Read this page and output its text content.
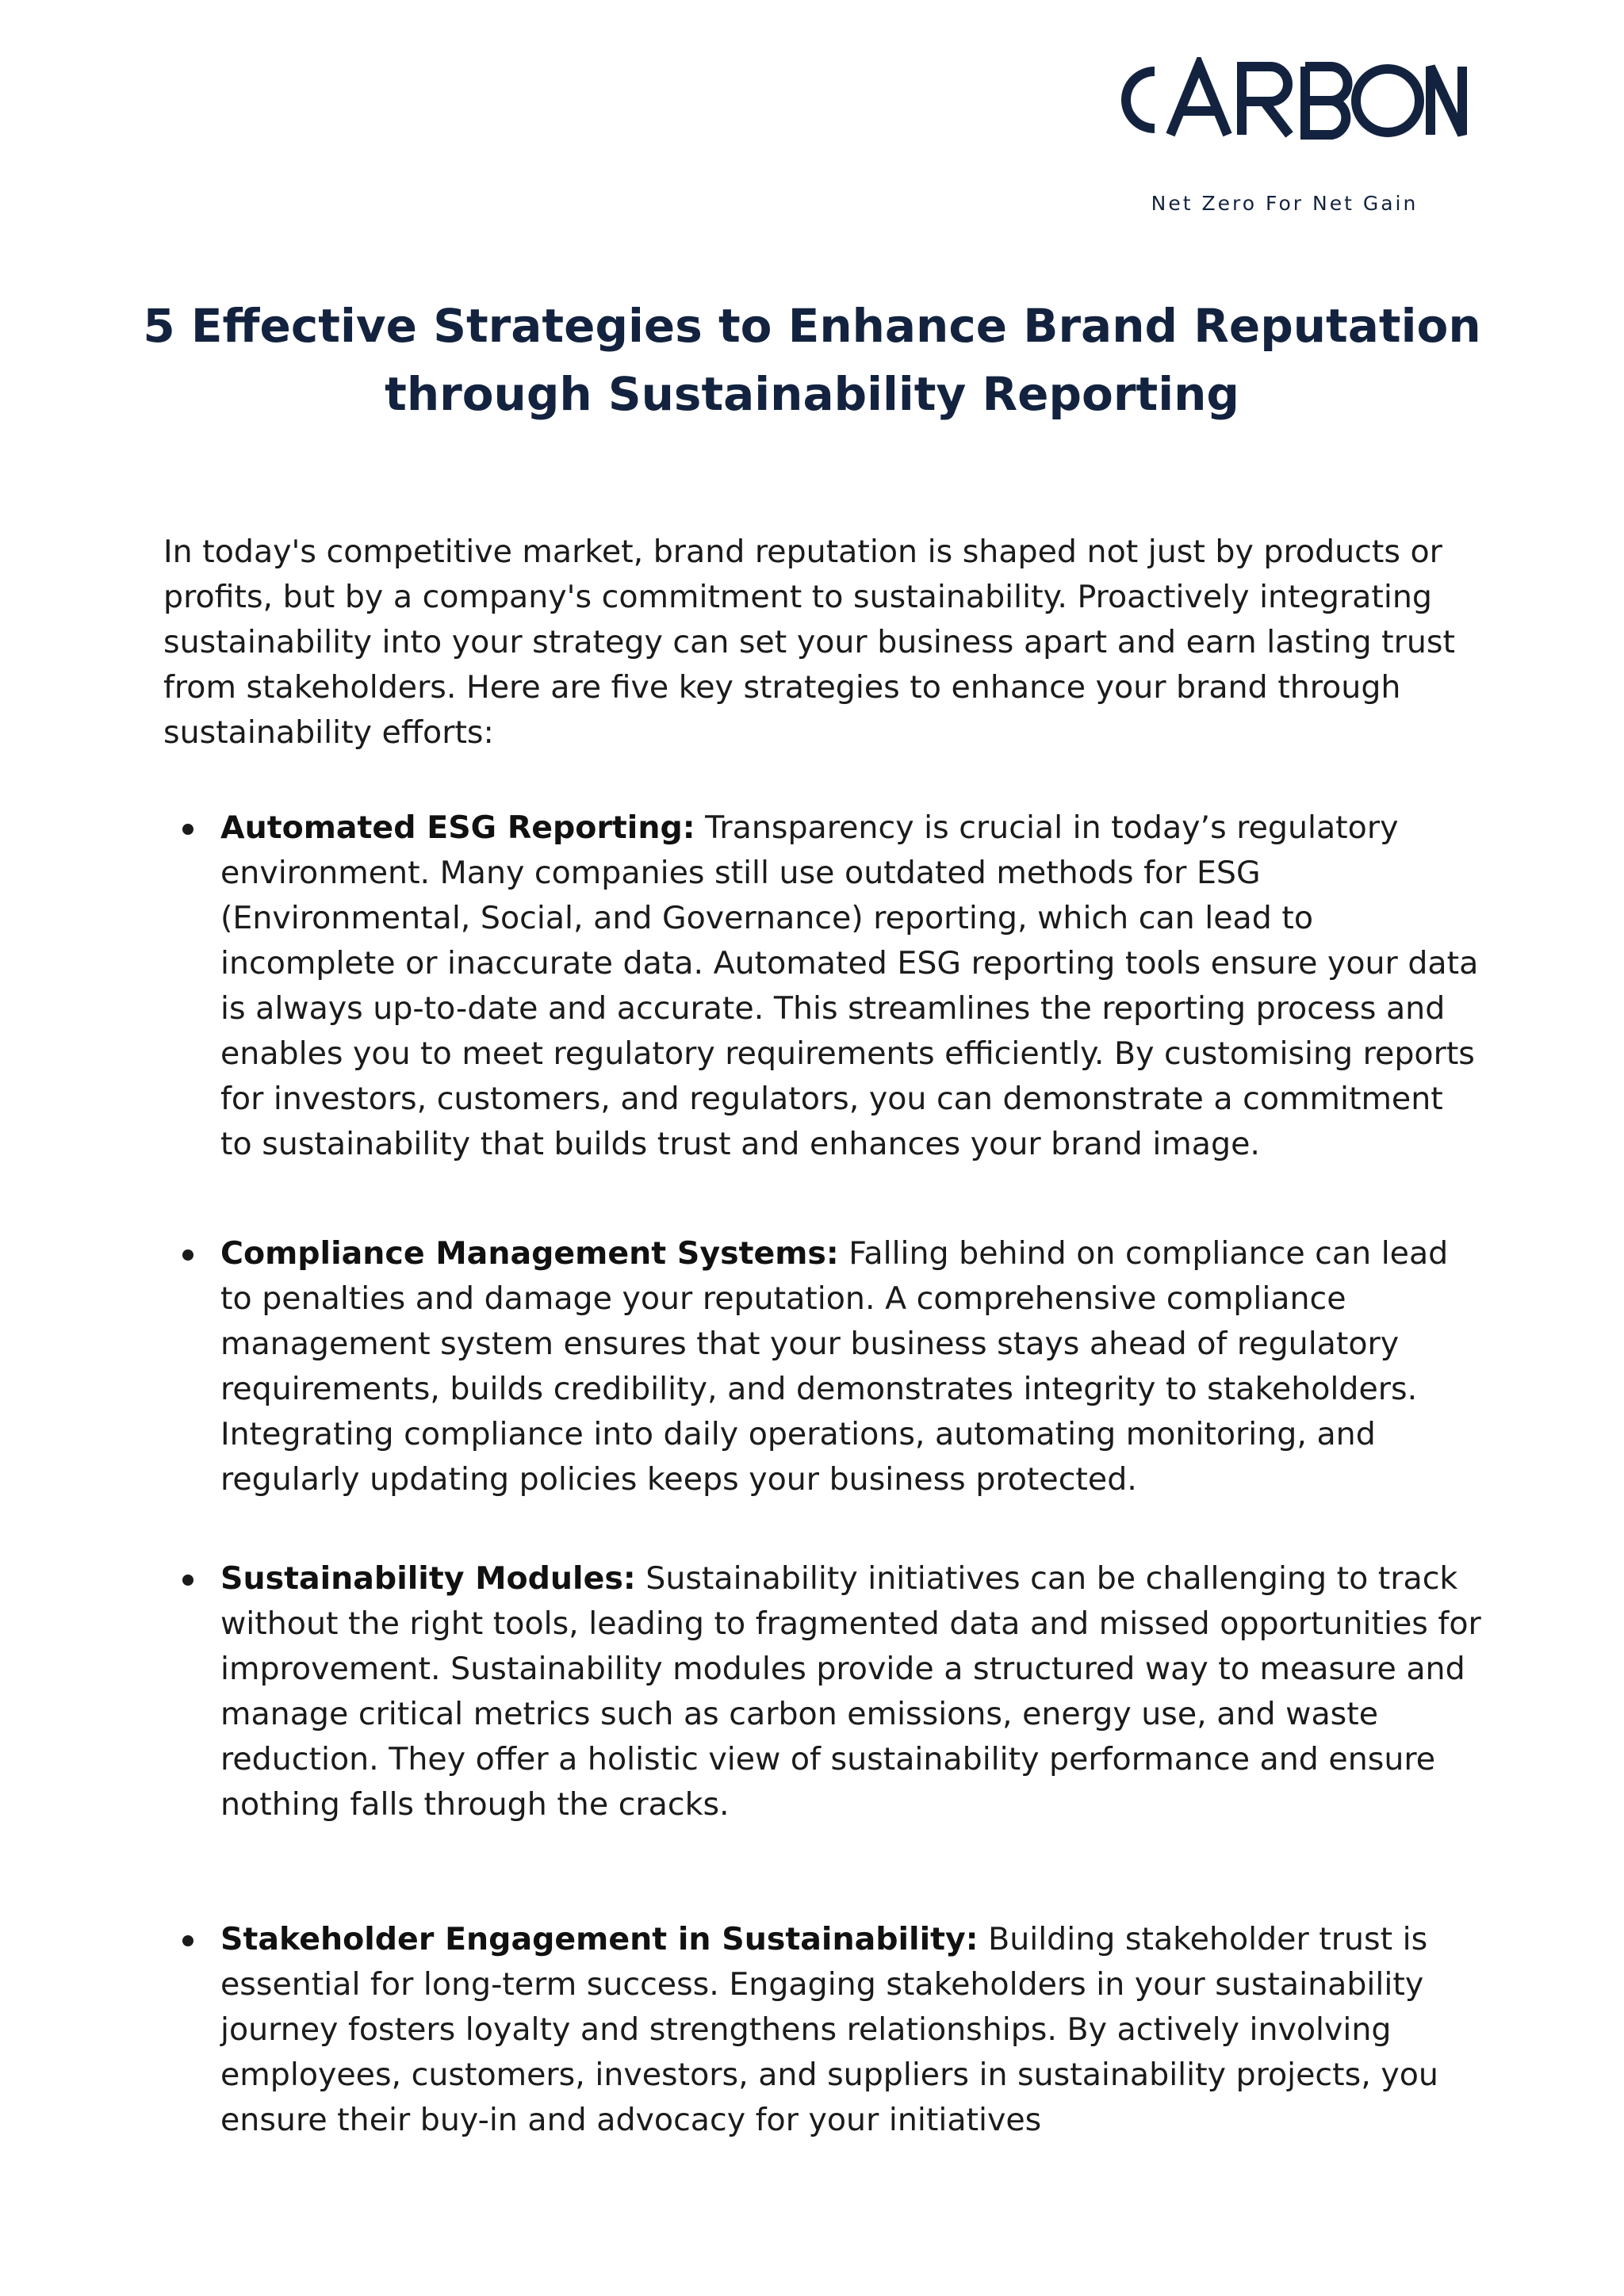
Net Zero For Net Gain
5 Effective Strategies to Enhance Brand Reputation through Sustainability Reporting

In today's competitive market, brand reputation is shaped not just by products or profits, but by a company's commitment to sustainability. Proactively integrating sustainability into your strategy can set your business apart and earn lasting trust from stakeholders. Here are five key strategies to enhance your brand through sustainability efforts:

Automated ESG Reporting: Transparency is crucial in today’s regulatory environment. Many companies still use outdated methods for ESG (Environmental, Social, and Governance) reporting, which can lead to incomplete or inaccurate data. Automated ESG reporting tools ensure your data is always up-to-date and accurate. This streamlines the reporting process and enables you to meet regulatory requirements efficiently. By customising reports for investors, customers, and regulators, you can demonstrate a commitment to sustainability that builds trust and enhances your brand image.
Compliance Management Systems: Falling behind on compliance can lead to penalties and damage your reputation. A comprehensive compliance management system ensures that your business stays ahead of regulatory requirements, builds credibility, and demonstrates integrity to stakeholders. Integrating compliance into daily operations, automating monitoring, and regularly updating policies keeps your business protected.
Sustainability Modules: Sustainability initiatives can be challenging to track without the right tools, leading to fragmented data and missed opportunities for improvement. Sustainability modules provide a structured way to measure and manage critical metrics such as carbon emissions, energy use, and waste reduction. They offer a holistic view of sustainability performance and ensure nothing falls through the cracks.
Stakeholder Engagement in Sustainability: Building stakeholder trust is essential for long-term success. Engaging stakeholders in your sustainability journey fosters loyalty and strengthens relationships. By actively involving employees, customers, investors, and suppliers in sustainability projects, you ensure their buy-in and advocacy for your initiatives
